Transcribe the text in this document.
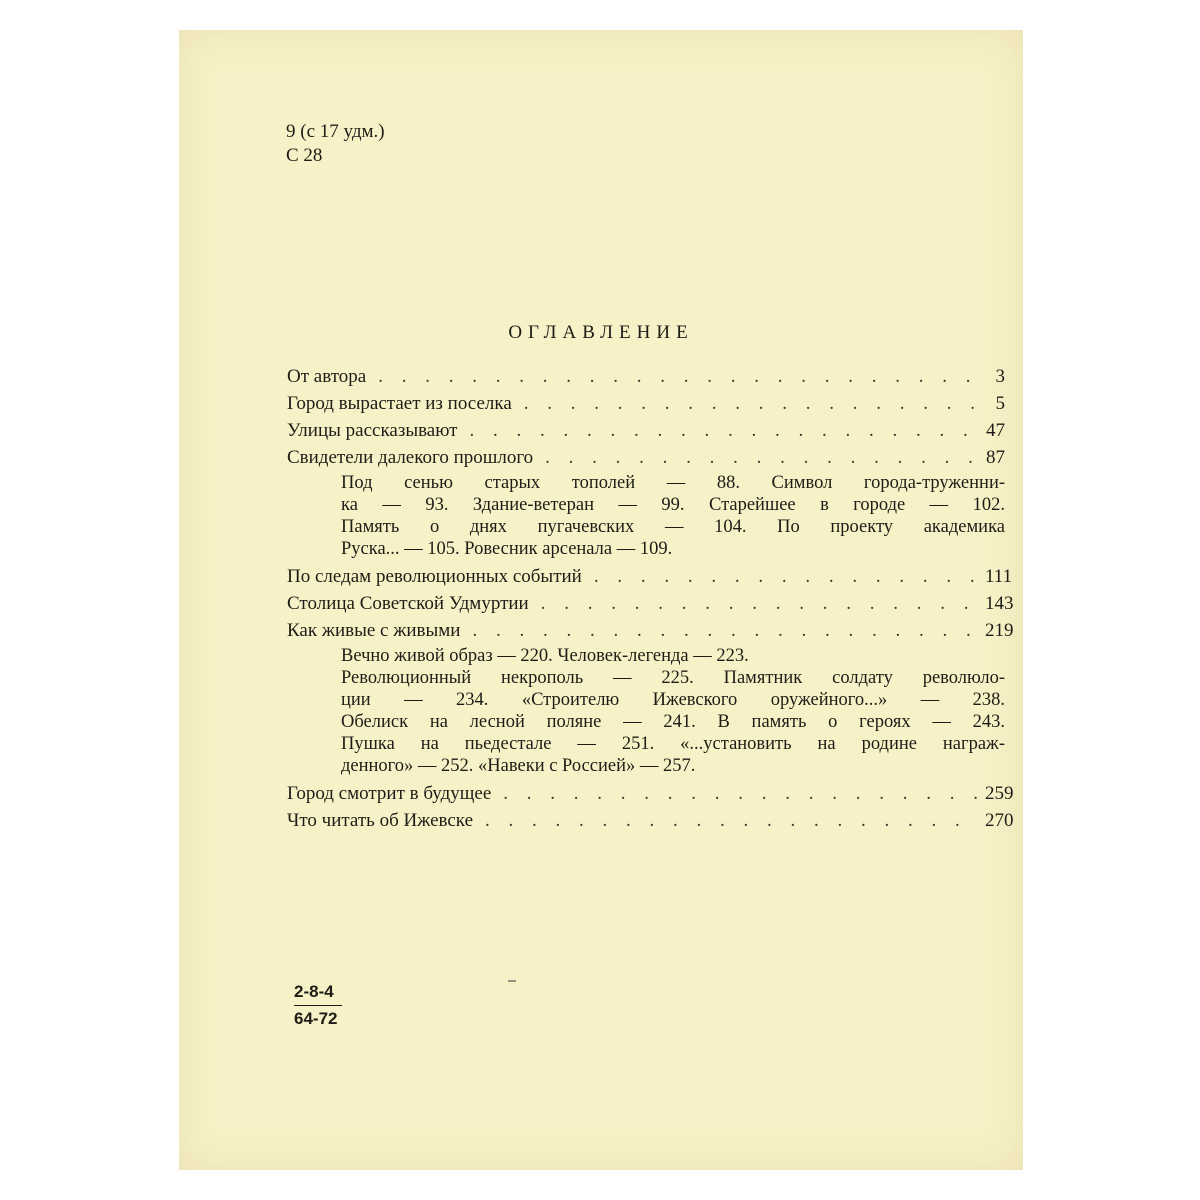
9 (с 17 удм.)
С 28
ОГЛАВЛЕНИЕ
От автора . . .	3
Город вырастает из поселка . . .	5
Улицы рассказывают . . .	47
Свидетели далекого прошлого . . .	87
Под сенью старых тополей — 88. Символ города-труженни-
ка — 93. Здание-ветеран — 99. Старейшее в городе — 102.
Память о днях пугачевских — 104. По проекту академика
Руска... — 105. Ровесник арсенала — 109.
По следам революционных событий . . .	111
Столица Советской Удмуртии . . .	143
Как живые с живыми . . .	219
Вечно живой образ — 220. Человек-легенда — 223.
Революционный некрополь — 225. Памятник солдату революло-
ции — 234. «Строителю Ижевского оружейного...» — 238.
Обелиск на лесной поляне — 241. В память о героях — 243.
Пушка на пьедестале — 251. «...установить на родине награж-
денного» — 252. «Навеки с Россией» — 257.
Город смотрит в будущее . . .	259
Что читать об Ижевске . . .	270
2-8-4
64-72
